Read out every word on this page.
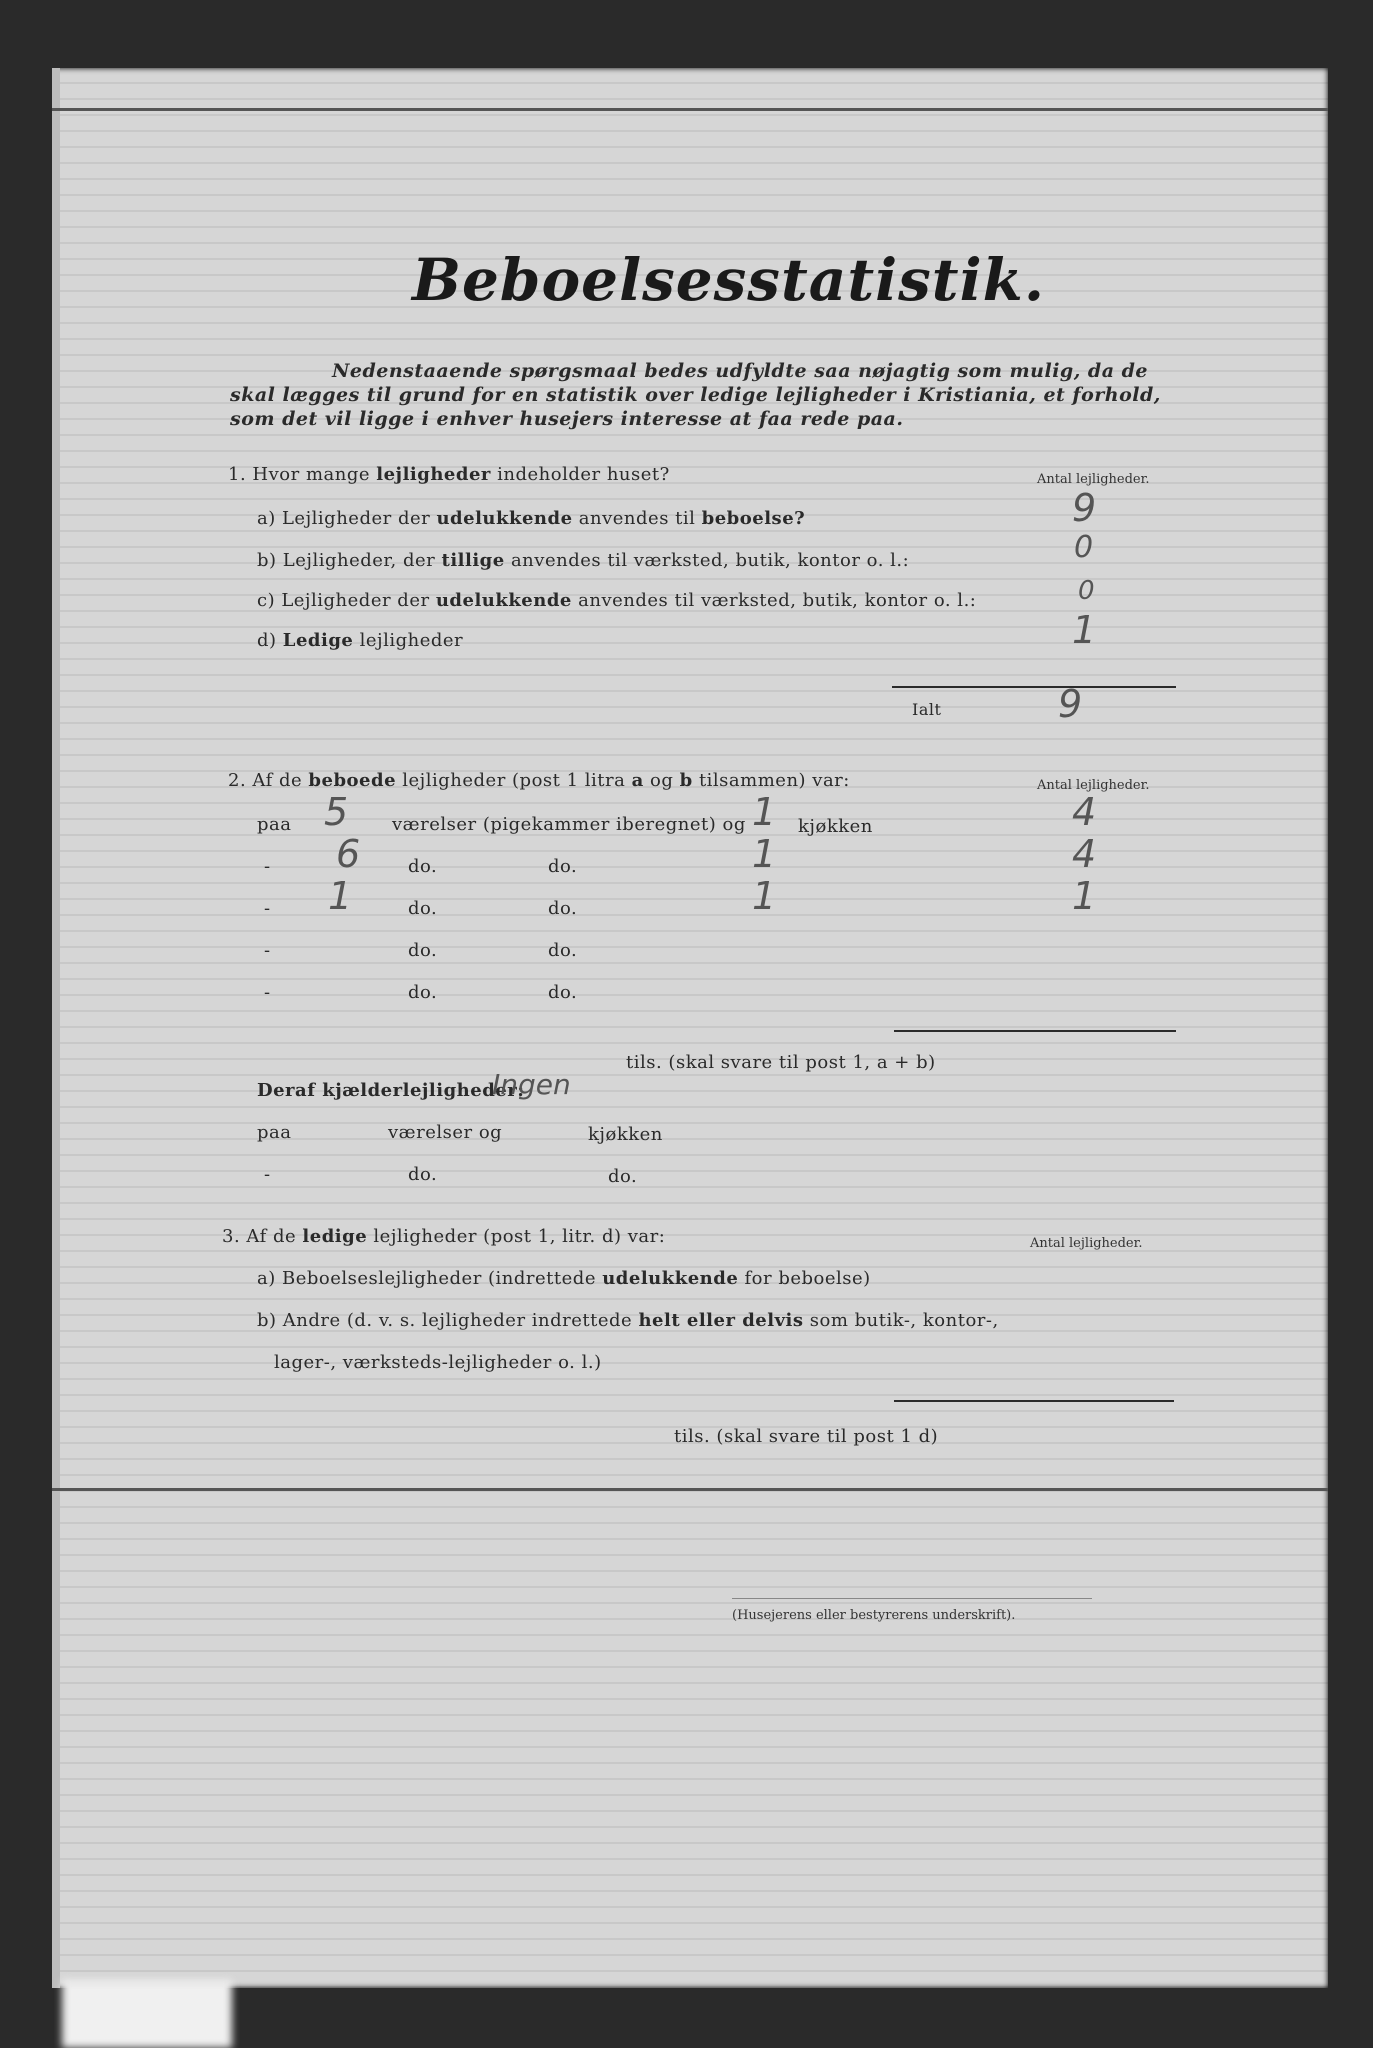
Beboelsesstatistik.
Nedenstaaende spørgsmaal bedes udfyldte saa nøjagtig som mulig, da de
skal lægges til grund for en statistik over ledige lejligheder i Kristiania, et forhold,
som det vil ligge i enhver husejers interesse at faa rede paa.
1. Hvor mange lejligheder indeholder huset?	Antal lejligheder.
a) Lejligheder der udelukkende anvendes til beboelse?	9
b) Lejligheder, der tillige anvendes til værksted, butik, kontor o. l.:	0
c) Lejligheder der udelukkende anvendes til værksted, butik, kontor o. l.:	0
d) Ledige lejligheder	1
Ialt	9
2. Af de beboede lejligheder (post 1 litra a og b tilsammen) var:	Antal lejligheder.
paa 5 værelser (pigekammer iberegnet) og 1 kjøkken	4
- 6	do.	do.	1	4
- 1	do.	do.	1	1
-	do.	do.
-	do.	do.
tils. (skal svare til post 1, a + b)
Deraf kjælderlejligheder:
Ingen
paa	værelser og	kjøkken
-	do.	do.
3. Af de ledige lejligheder (post 1, litr. d) var:	Antal lejligheder.
a) Beboelseslejligheder (indrettede udelukkende for beboelse)
b) Andre (d. v. s. lejligheder indrettede helt eller delvis som butik-, kontor-,
lager-, værksteds-lejligheder o. l.)
tils. (skal svare til post 1 d)
(Husejerens eller bestyrerens underskrift).
